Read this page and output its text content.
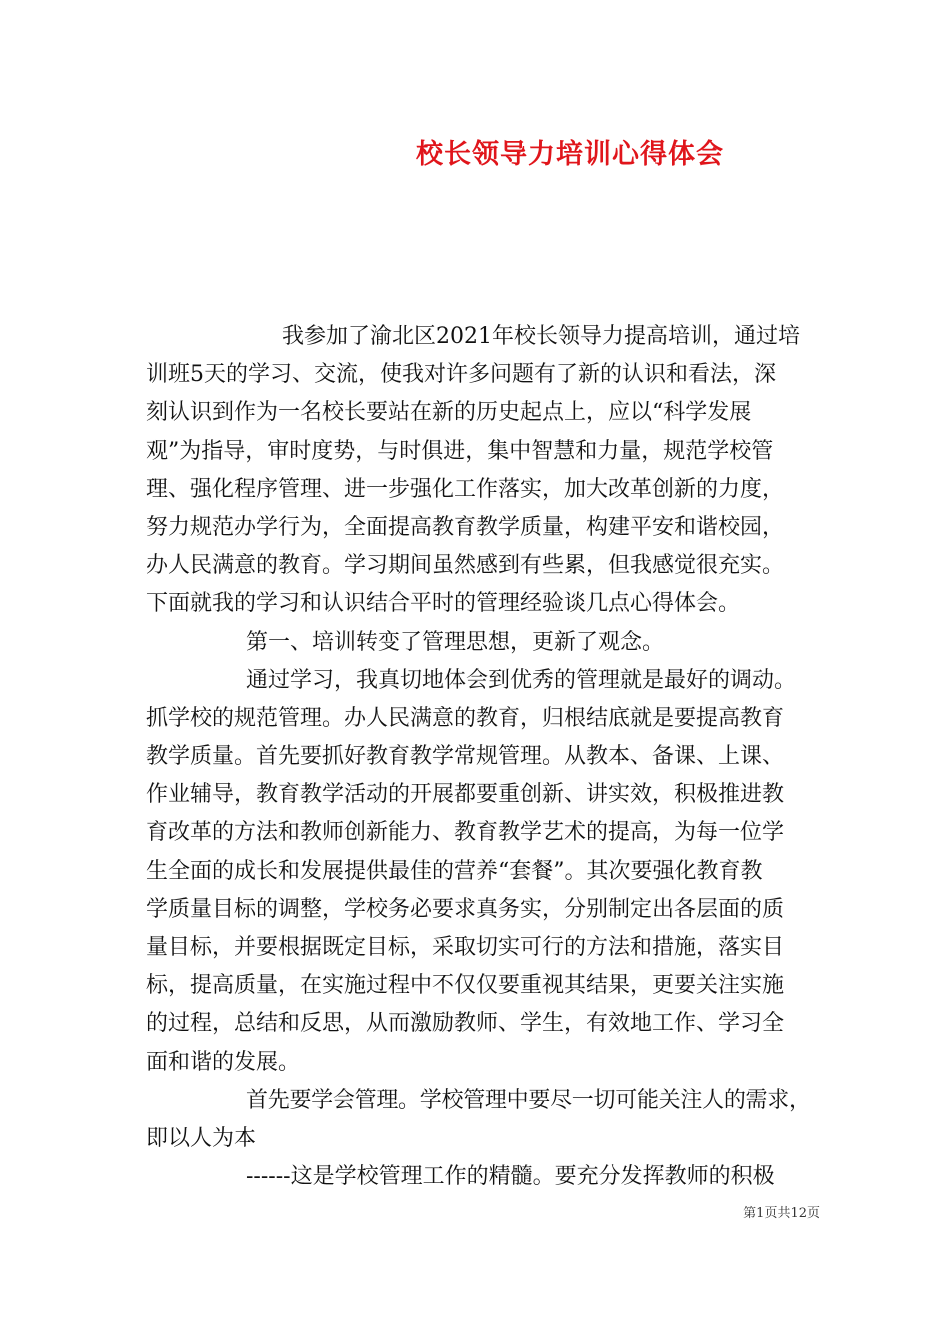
校长领导力培训心得体会
我参加了渝北区2021年校长领导力提高培训，通过培
训班5天的学习、交流，使我对许多问题有了新的认识和看法，深
刻认识到作为一名校长要站在新的历史起点上，应以“科学发展
观”为指导，审时度势，与时俱进，集中智慧和力量，规范学校管
理、强化程序管理、进一步强化工作落实，加大改革创新的力度，
努力规范办学行为，全面提高教育教学质量，构建平安和谐校园，
办人民满意的教育。学习期间虽然感到有些累，但我感觉很充实。
下面就我的学习和认识结合平时的管理经验谈几点心得体会。
第一、培训转变了管理思想，更新了观念。
通过学习，我真切地体会到优秀的管理就是最好的调动。
抓学校的规范管理。办人民满意的教育，归根结底就是要提高教育
教学质量。首先要抓好教育教学常规管理。从教本、备课、上课、
作业辅导，教育教学活动的开展都要重创新、讲实效，积极推进教
育改革的方法和教师创新能力、教育教学艺术的提高，为每一位学
生全面的成长和发展提供最佳的营养“套餐”。其次要强化教育教
学质量目标的调整，学校务必要求真务实，分别制定出各层面的质
量目标，并要根据既定目标，采取切实可行的方法和措施，落实目
标，提高质量，在实施过程中不仅仅要重视其结果，更要关注实施
的过程，总结和反思，从而激励教师、学生，有效地工作、学习全
面和谐的发展。
首先要学会管理。学校管理中要尽一切可能关注人的需求，
即以人为本
------这是学校管理工作的精髓。要充分发挥教师的积极
第1页共12页
